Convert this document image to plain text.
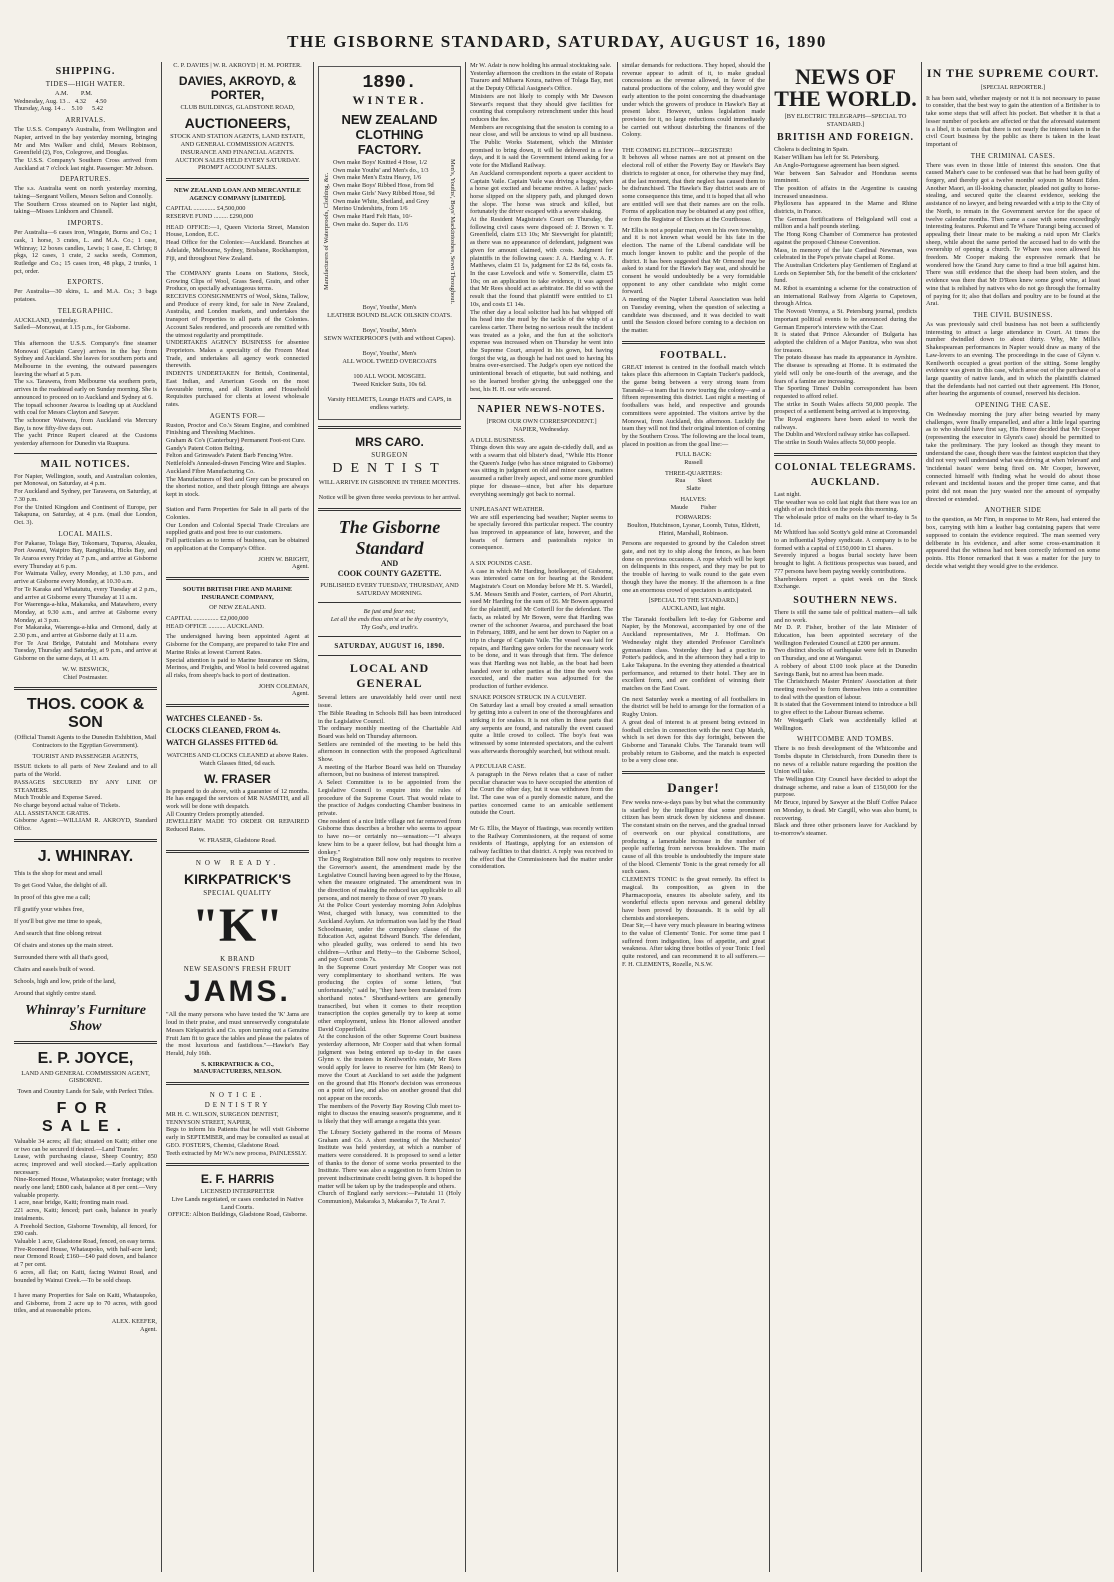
THE GISBORNE STANDARD, SATURDAY, AUGUST 16, 1890
SHIPPING.
TIDES—HIGH WATER.

A.M.        P.M.
Wednesday, Aug. 13 ..   4.32      4.50
Thursday, Aug. 14 ..    5.10      5.42

ARRIVALS.

The U.S.S. Company's Australia, from Wellington and Napier, arrived in the bay yesterday morning, bringing Mr and Mrs Walker and child, Messrs Robinson, Greenfield (2), Fox, Colegrove, and Douglas.
The U.S.S. Company's Southern Cross arrived from Auckland at 7 o'clock last night. Passenger: Mr Jobson.

DEPARTURES.

The s.s. Australia went on north yesterday morning, taking—Sergeant Vollers, Messrs Selton and Connolly.
The Southern Cross steamed on to Napier last night, taking—Misses Linkhorn and Chisnell.

IMPORTS.

Per Australia—6 cases iron, Wingate, Burns and Co.; 1 cask, 1 horse, 3 crates, L. and M.A. Co.; 1 case, Whinray; 12 boxes candles, Lewis; 1 case, E. Chrisp; 8 pkgs, 12 cases, 1 crate, 2 sacks seeds, Common, Rutledge and Co.; 15 cases iron, 48 pkgs, 2 trunks, 1 pct, order.

EXPORTS.

Per Australia—30 skins, L. and M.A. Co.; 3 bags potatoes.

TELEGRAPHIC.

AUCKLAND, yesterday.
Sailed—Monowai, at 1.15 p.m., for Gisborne.

This afternoon the U.S.S. Company's fine steamer Monowai (Captain Carey) arrives in the bay from Sydney and Auckland. She leaves for southern ports and Melbourne in the evening, the outward passengers leaving the wharf at 5 p.m.
The s.s. Tarawera, from Melbourne via southern ports, arrives in the roadstead early on Sunday morning. She is announced to proceed on to Auckland and Sydney at 6.
The topsail schooner Awaroa is loading up at Auckland with coal for Messrs Clayton and Sawyer.
The schooner Waiwera, from Auckland via Mercury Bay, is now fifty-five days out.
The yacht Prince Rupert cleared at the Customs yesterday afternoon for Dunedin via Ruapura.

MAIL NOTICES.

For Napier, Wellington, south, and Australian colonies, per Monowai, on Saturday, at 4 p.m.
For Auckland and Sydney, per Tarawera, on Saturday, at 7.30 p.m.
For the United Kingdom and Continent of Europe, per Takapuna, on Saturday, at 4 p.m. (mail due London, Oct. 3).

LOCAL MAILS.

For Pakarae, Tolaga Bay, Tokomaru, Tuparoa, Akuaku, Port Awanui, Waipiro Bay, Rangitukia, Hicks Bay, and Te Araroa every Friday at 7 p.m., and arrive at Gisborne every Thursday at 6 p.m.
For Waimata Valley, every Monday, at 1.30 p.m., and arrive at Gisborne every Monday, at 10.30 a.m.
For Te Karaka and Whatatutu, every Tuesday at 2 p.m., and arrive at Gisborne every Thursday at 11 a.m.
For Waerenga-a-hika, Makaraka, and Matawhero, every Monday, at 9.30 a.m., and arrive at Gisborne every Monday, at 3 p.m.
For Makaraka, Waerenga-a-hika and Ormond, daily at 2.30 p.m., and arrive at Gisborne daily at 11 a.m.
For Te Arai Bridge, Patutahi and Motuhara every Tuesday, Thursday and Saturday, at 9 p.m., and arrive at Gisborne on the same days, at 11 a.m.

W. W. BESWICK,
Chief Postmaster.

THOS. COOK & SON

(Official Transit Agents to the Dunedin Exhibition, Mail Contractors to the Egyptian Government).

TOURIST AND PASSENGER AGENTS,

ISSUE tickets to all parts of New Zealand and to all parts of the World.
PASSAGES SECURED BY ANY LINE OF STEAMERS.
Much Trouble and Expense Saved.
No charge beyond actual value of Tickets.
ALL ASSISTANCE GRATIS.
Gisborne Agent:—WILLIAM R. AKROYD, Standard Office.

J. WHINRAY.

This is the shop for meat and small
To get Good Value, the delight of all.
In proof of this give me a call;
I'll gratify your wishes free,
If you'll but give me time to speak,
And search that fine oblong retreat
Of chairs and stones up the main street.
Surrounded there with all that's good,
Chairs and easels built of wood.
Schools, high and low, pride of the land,
Around that sightly centre stand.

Whinray's Furniture Show
E. P. JOYCE,

LAND AND GENERAL COMMISSION AGENT,
GISBORNE.

Town and Country Lands for Sale, with Perfect Titles.

FOR SALE.

Valuable 34 acres; all flat; situated on Kaiti; either one or two can be secured if desired.—Land Transfer.
Lease, with purchasing clause, Sheep Country; 850 acres; improved and well stocked.—Early application necessary.
Nine-Roomed House, Whataupoko; water frontage; with nearly one land; £800 cash, balance at 8 per cent.—Very valuable property.
1 acre, near bridge, Kaiti; fronting main road.
221 acres, Kaiti; fenced; part cash, balance in yearly instalments.
A Freehold Section, Gisborne Township, all fenced, for £90 cash.
Valuable 1 acre, Gladstone Road, fenced, on easy terms.
Five-Roomed House, Whataupoko, with half-acre land; near Ormond Road; £160—£40 paid down, and balance at 7 per cent.
6 acres, all flat; on Kaiti, facing Wainui Road, and bounded by Wainui Creek.—To be sold cheap.

I have many Properties for Sale on Kaiti, Whataupoko, and Gisborne, from 2 acre up to 70 acres, with good titles, and at reasonable prices.

ALEX. KEEFER,
Agent.

C. P. DAVIES | W. R. AKROYD | H. M. PORTER.

DAVIES, AKROYD, & PORTER,

CLUB BUILDINGS, GLADSTONE ROAD,

AUCTIONEERS,

STOCK AND STATION AGENTS, LAND ESTATE, AND GENERAL COMMISSION AGENTS.
INSURANCE AND FINANCIAL AGENTS.
AUCTION SALES HELD EVERY SATURDAY.
PROMPT ACCOUNT SALES.

NEW ZEALAND LOAN AND MERCANTILE AGENCY COMPANY [LIMITED].

CAPITAL .............. £4,500,000
RESERVE FUND ......... £290,000

HEAD OFFICE:—1, Queen Victoria Street, Mansion House, London, E.C.
Head Office for the Colonies:—Auckland. Branches at Adelaide, Melbourne, Sydney, Brisbane, Rockhampton, Fiji, and throughout New Zealand.

The COMPANY grants Loans on Stations, Stock, Growing Clips of Wool, Grass Seed, Grain, and other Produce, on specially advantageous terms.
RECEIVES CONSIGNMENTS of Wool, Skins, Tallow, and Produce of every kind, for sale in New Zealand, Australia, and London markets, and undertakes the transport of Properties to all parts of the Colonies. Account Sales rendered, and proceeds are remitted with the utmost regularity and promptitude.
UNDERTAKES AGENCY BUSINESS for absentee Proprietors. Makes a speciality of the Frozen Meat Trade, and undertakes all agency work connected therewith.
INDENTS UNDERTAKEN for British, Continental, East Indian, and American Goods on the most favourable terms, and all Station and Household Requisites purchased for clients at lowest wholesale rates.

AGENTS FOR—

Ruston, Proctor and Co.'s Steam Engine, and combined Finishing and Threshing Machines.
Graham & Co's (Canterbury) Permanent Foot-rot Cure.
Gandy's Patent Cotton Belting.
Felton and Grimwade's Patent Barb Fencing Wire.
Nettlefold's Annealed-drawn Fencing Wire and Staples.
Auckland Fibre Manufacturing Co.
The Manufacturers of Red and Grey can be procured on the shortest notice, and their plough fittings are always kept in stock.

Station and Farm Properties for Sale in all parts of the Colonies.
Our London and Colonial Special Trade Circulars are supplied gratis and post free to our customers.
Full particulars as to terms of business, can be obtained on application at the Company's Office.

JOHN W. BRIGHT,
Agent.

SOUTH BRITISH FIRE AND MARINE INSURANCE COMPANY,

OF NEW ZEALAND.

CAPITAL ................ £2,000,000
HEAD OFFICE ........... AUCKLAND.

The undersigned having been appointed Agent at Gisborne for the Company, are prepared to take Fire and Marine Risks at lowest Current Rates.
Special attention is paid to Marine Insurance on Skins, Merinos, and Freights, and Wool is held covered against all risks, from sheep's back to port of destination.

JOHN COLEMAN,
Agent.

WATCHES CLEANED - 5s.
CLOCKS CLEANED, FROM 4s.
WATCH GLASSES FITTED 6d.

WATCHES AND CLOCKS CLEANED at above Rates. Watch Glasses fitted, 6d each.

W. FRASER

Is prepared to do above, with a guarantee of 12 months. He has engaged the services of MR NASMITH, and all work will be done with despatch.
All Country Orders promptly attended.
JEWELLERY MADE TO ORDER OR REPAIRED Reduced Rates.

W. FRASER, Gladstone Road.

NOW READY.
KIRKPATRICK'S
SPECIAL QUALITY
"K"
K BRAND
NEW SEASON'S FRESH FRUIT
JAMS.

"All the many persons who have tested the 'K' Jams are loud in their praise, and must unreservedly congratulate Messrs Kirkpatrick and Co. upon turning out a Genuine Fruit Jam fit to grace the tables and please the palates of the most luxurious and fastidious."—Hawke's Bay Herald, July 16th.

S. KIRKPATRICK & CO.,
MANUFACTURERS, NELSON.

NOTICE.
DENTISTRY

MR H. C. WILSON, SURGEON DENTIST,
TENNYSON STREET, NAPIER,
Begs to inform his Patients that he will visit Gisborne early in SEPTEMBER, and may be consulted as usual at GEO. FOSTER'S, Chemist, Gladstone Road.
Teeth extracted by Mr W.'s new process, PAINLESSLY.

E. F. HARRIS

LICENSED INTERPRETER
Live Lands negotiated, or cases conducted in Native Land Courts.
OFFICE: Albion Buildings, Gladstone Road, Gisborne.

1890.
WINTER.
NEW ZEALAND CLOTHING FACTORY.
Manufacturers of Waterproofs, Clothing, &c.

Own make Boys' Knitted 4 Hose, 1/2
Own make Youths' and Men's do., 1/3
Own make Men's Extra Heavy, 1/6
Own make Boys' Ribbed Hose, from 9d
Own make Girls' Navy Ribbed Hose, 9d
Own make White, Shetland, and Grey Merino Undershirts, from 1/6
Own make Hard Felt Hats, 10/-
Own make do. Super do. 11/6	Men's, Youths', Boys' Mackintoshes, Sewn Throughout.

Boys', Youths', Men's
LEATHER BOUND BLACK OILSKIN COATS.

Boys', Youths', Men's
SEWN WATERPROOFS (with and without Capes).

Boys', Youths', Men's
ALL WOOL TWEED OVERCOATS

100 ALL WOOL MOSGIEL
Tweed Knicker Suits, 10s 6d.

Varsity HELMETS, Lounge HATS and CAPS, in endless variety.

MRS CARO.
SURGEON
DENTIST

WILL ARRIVE IN GISBORNE IN THREE MONTHS.

Notice will be given three weeks previous to her arrival.

The Gisborne Standard

AND
COOK COUNTY GAZETTE.

PUBLISHED EVERY TUESDAY, THURSDAY, AND SATURDAY MORNING.

Be just and fear not;
Let all the ends thou aim'st at be thy country's,
Thy God's, and truth's.

SATURDAY, AUGUST 16, 1890.
LOCAL AND GENERAL

Several letters are unavoidably held over until next issue.
The Bible Reading in Schools Bill has been introduced in the Legislative Council.
The ordinary monthly meeting of the Charitable Aid Board was held on Thursday afternoon.
Settlers are reminded of the meeting to be held this afternoon in connection with the proposed Agricultural Show.
A meeting of the Harbor Board was held on Thursday afternoon, but no business of interest transpired.
A Select Committee is to be appointed from the Legislative Council to enquire into the rules of procedure of the Supreme Court. That would relate to the practice of Judges conducting Chamber business in private.
One resident of a nice little village not far removed from Gisborne thus describes a brother who seems to appear to have no—or certainly no—sensation:—"I always knew him to be a queer fellow, but had thought him a donkey."
The Dog Registration Bill now only requires to receive the Governor's assent, the amendment made by the Legislative Council having been agreed to by the House, when the measure originated. The amendment was in the direction of making the reduced tax applicable to all persons, and not merely to those of over 70 years.
At the Police Court yesterday morning John Adolphus West, charged with lunacy, was committed to the Auckland Asylum. An information was laid by the Head Schoolmaster, under the compulsory clause of the Education Act, against Edward Bunch. The defendant, who pleaded guilty, was ordered to send his two children—Arthur and Hetty—to the Gisborne School, and pay Court costs 7s.
In the Supreme Court yesterday Mr Cooper was not very complimentary to shorthand writers. He was producing the copies of some letters, "but unfortunately," said he, "they have been translated from shorthand notes." Shorthand-writers are generally transcribed, but when it comes to their reception transcription the copies generally try to keep at some other employment, unless his Honor allowed another David Copperfield.
At the conclusion of the other Supreme Court business yesterday afternoon, Mr Cooper said that when formal judgment was being entered up to-day in the cases Glynn v. the trustees in Kenilworth's estate, Mr Rees would apply for leave to reserve for him (Mr Rees) to move the Court at Auckland to set aside the judgment on the ground that His Honor's decision was erroneous on a point of law, and also on another ground that did not appear on the records.
The members of the Poverty Bay Rowing Club meet to-night to discuss the ensuing season's programme, and it is likely that they will arrange a regatta this year.

The Library Society gathered in the rooms of Messrs Graham and Co. A short meeting of the Mechanics' Institute was held yesterday, at which a number of matters were considered. It is proposed to send a letter of thanks to the donor of some works presented to the Institute. There was also a suggestion to form Union to prevent indiscriminate credit being given. It is hoped the matter will be taken up by the tradespeople and others.
Church of England early services:—Patutahi 11 (Holy Communion), Makaraka 3, Makaraka 7, Te Arai 7.

Mr W. Adair is now holding his annual stocktaking sale.
Yesterday afternoon the creditors in the estate of Ropata Tuararo and Mihaera Koura, natives of Tolaga Bay, met at the Deputy Official Assignee's Office.
Ministers are not likely to comply with Mr Dawson Stewart's request that they should give facilities for counting that compulsory retrenchment under this head reduces the fee.
Members are recognising that the session is coming to a near close, and will be anxious to wind up all business. The Public Works Statement, which the Minister promised to bring down, it will be delivered in a few days, and it is said the Government intend asking for a vote for the Midland Railway.
An Auckland correspondent reports a queer accident to Captain Vaile. Captain Vaile was driving a buggy, when a horse got excited and became restive. A ladies' pack-horse slipped on the slippery path, and plunged down the slope. The horse was struck and killed, but fortunately the driver escaped with a severe shaking.
At the Resident Magistrate's Court on Thursday, the following civil cases were disposed of: J. Brown v. T. Greenfield, claim £13 10s; Mr Sievwright for plaintiff; as there was no appearance of defendant, judgment was given for amount claimed, with costs. Judgment for plaintiffs in the following cases: J. A. Harding v. A. F. Matthews, claim £1 1s, judgment for £2 8s 6d, costs 6s. In the case Lovelock and wife v. Somerville, claim £5 10s; on an application to take evidence, it was agreed that Mr Rees should act as arbitrator. He did so with the result that the found that plaintiff were entitled to £1 10s, and costs £1 14s.
The other day a local solicitor had his hat whipped off his head into the mud by the tackle of the whip of a careless carter. There being no serious result the incident was treated as a joke, and the fun at the solicitor's expense was increased when on Thursday he went into the Supreme Court, arrayed in his gown, but having forgot the wig, as though he had not used to having his brains over-exercised. The Judge's open eye noticed the unintentional breach of etiquette, but said nothing, and so the learned brother giving the unbeggged one the best, his H. H. our wife secured.

NAPIER NEWS-NOTES.

[FROM OUR OWN CORRESPONDENT.]
NAPIER, Wednesday.

A DULL BUSINESS.
Things down this way are again de-cidedly dull, and as with a swarm that old blister's dead, "While His Honor the Queen's Judge (who has since migrated to Gisborne) was sitting in judgment on old and minor cases, matters assumed a rather lively aspect, and some more grumbled pique for disease—since, but after his departure everything seemingly got back to normal.

UNPLEASANT WEATHER.
We are still experiencing bad weather; Napier seems to be specially favored this particular respect. The country has improved in appearance of late, however, and the hearts of farmers and pastoralists rejoice in consequence.

A SIX POUNDS CASE.
A case in which Mr Harding, hotelkeeper, of Gisborne, was interested came on for hearing at the Resident Magistrate's Court on Monday before Mr H. S. Wardell, S.M. Messrs Smith and Foster, carriers, of Port Ahuriri, sued Mr Harding for the sum of £6. Mr Bowen appeared for the plaintiff, and Mr Cotterill for the defendant. The facts, as related by Mr Bowen, were that Harding was owner of the schooner Awaroa, and purchased the boat in February, 1889, and he sent her down to Napier on a trip in charge of Captain Vaile. The vessel was laid for repairs, and Harding gave orders for the necessary work to be done, and it was through that firm. The defence was that Harding was not liable, as the boat had been handed over to other parties at the time the work was executed, and the matter was adjourned for the production of further evidence.

SNAKE POISON STRUCK IN A CULVERT.
On Saturday last a small boy created a small sensation by getting into a culvert in one of the thoroughfares and striking it for snakes. It is not often in these parts that any serpents are found, and naturally the event caused quite a little crowd to collect. The boy's feat was witnessed by some interested spectators, and the culvert was afterwards thoroughly searched, but without result.

A PECULIAR CASE.
A paragraph in the News relates that a case of rather peculiar character was to have occupied the attention of the Court the other day, but it was withdrawn from the list. The case was of a purely domestic nature, and the parties concerned came to an amicable settlement outside the Court.

Mr G. Ellis, the Mayor of Hastings, was recently written to the Railway Commissioners, at the request of some residents of Hastings, applying for an extension of railway facilities to that district. A reply was received to the effect that the Commissioners had the matter under consideration.

similar demands for reductions. They hoped, should the revenue appear to admit of it, to make gradual concessions as the revenue allowed, in favor of the natural productions of the colony, and they would give early attention to the point concerning the disadvantage under which the growers of produce in Hawke's Bay at present labor. However, unless legislation made provision for it, no large reductions could immediately be carried out without disturbing the finances of the Colony.

THE COMING ELECTION—REGISTER!
It behoves all whose names are not at present on the electoral roll of either the Poverty Bay or Hawke's Bay districts to register at once, for otherwise they may find, at the last moment, that their neglect has caused them to be disfranchised. The Hawke's Bay district seats are of some consequence this time, and it is hoped that all who are entitled will see that their names are on the rolls. Forms of application may be obtained at any post office, or from the Registrar of Electors at the Courthouse.

Mr Ellis is not a popular man, even in his own township, and it is not known what would be his fate in the election. The name of the Liberal candidate will be much longer known to public and the people of the district. It has been suggested that Mr Ormond may be asked to stand for the Hawke's Bay seat, and should he consent he would undoubtedly be a very formidable opponent to any other candidate who might come forward.
A meeting of the Napier Liberal Association was held on Tuesday evening, when the question of selecting a candidate was discussed, and it was decided to wait until the Session closed before coming to a decision on the matter.

FOOTBALL.

GREAT interest is centred in the football match which takes place this afternoon in Captain Tucker's paddock, the game being between a very strong team from Taranaki—a team that is now touring the colony—and a fifteen representing this district. Last night a meeting of footballers was held, and respective and grounds committees were appointed. The visitors arrive by the Monowai, from Auckland, this afternoon. Luckily the team they will not find their original intention of coming by the Southern Cross. The following are the local team, placed in position as from the goal line:—

FULL BACK:
Russell

THREE-QUARTERS:
Rua        Skeet
Slatte

HALVES:
Maude        Fisher

FORWARDS:
Boulton, Hutchinson, Lysnar, Loomb, Tutus, Eldrett, Hirini, Marshall, Robinson.

Persons are requested to ground by the Caledon street gate, and not try to ship along the fences, as has been done on previous occasions. A rope which will be kept on delinquents in this respect, and they may be put to the trouble of having to walk round to the gate even though they have the money. If the afternoon is a fine one an enormous crowd of spectators is anticipated.

[SPECIAL TO THE STANDARD.]
AUCKLAND, last night.

The Taranaki footballers left to-day for Gisborne and Napier, by the Monowai, accompanied by one of the Auckland representatives, Mr J. Hoffman. On Wednesday night they attended Professor Caroline's gymnasium class. Yesterday they had a practice in Potter's paddock, and in the afternoon they had a trip to Lake Takapuna. In the evening they attended a theatrical performance, and returned to their hotel. They are in excellent form, and are confident of winning their matches on the East Coast.

On next Saturday week a meeting of all footballers in the district will be held to arrange for the formation of a Rugby Union.
A great deal of interest is at present being evinced in football circles in connection with the next Cup Match, which is set down for this day fortnight, between the Gisborne and Taranaki Clubs. The Taranaki team will probably return to Gisborne, and the match is expected to be a very close one.

Danger!

Few weeks now-a-days pass by but what the community is startled by the intelligence that some prominent citizen has been struck down by sickness and disease. The constant strain on the nerves, and the gradual inroad of overwork on our physical constitutions, are producing a lamentable increase in the number of people suffering from nervous breakdown. The main cause of all this trouble is undoubtedly the impure state of the blood. Clements' Tonic is the great remedy for all such cases.
CLEMENTS TONIC is the great remedy. Its effect is magical. Its composition, as given in the Pharmacopoeia, ensures its absolute safety, and its wonderful effects upon nervous and general debility have been proved by thousands. It is sold by all chemists and storekeepers.
Dear Sir,—I have very much pleasure in bearing witness to the value of Clements' Tonic. For some time past I suffered from indigestion, loss of appetite, and great weakness. After taking three bottles of your Tonic I feel quite restored, and can recommend it to all sufferers.—F. H. CLEMENTS, Rozelle, N.S.W.

NEWS OF THE WORLD.

[BY ELECTRIC TELEGRAPH—SPECIAL TO STANDARD.]

BRITISH AND FOREIGN.

Cholera is declining in Spain.
Kaiser William has left for St. Petersburg.
An Anglo-Portuguese agreement has been signed.
War between San Salvador and Honduras seems imminent.
The position of affairs in the Argentine is causing increased uneasiness.
Phylloxera has appeared in the Marne and Rhine districts, in France.
The German fortifications of Heligoland will cost a million and a half pounds sterling.
The Hong Kong Chamber of Commerce has protested against the proposed Chinese Convention.
Mass, in memory of the late Cardinal Newman, was celebrated in the Pope's private chapel at Rome.
The Australian Cricketers play Gentlemen of England at Lords on September 5th, for the benefit of the cricketers' fund.
M. Ribot is examining a scheme for the construction of an international Railway from Algeria to Capetown, through Africa.
The Novosti Vremya, a St. Petersburg journal, predicts important political events to be announced during the German Emperor's interview with the Czar.
It is stated that Prince Alexander of Bulgaria has adopted the children of a Major Panitza, who was shot for treason.
The potato disease has made its appearance in Ayrshire. The disease is spreading at Home. It is estimated the yield will only be one-fourth of the average, and the fears of a famine are increasing.
The Sporting Times' Dublin correspondent has been requested to afford relief.
The strike in South Wales affects 50,000 people. The prospect of a settlement being arrived at is improving.
The Royal engineers have been asked to work the railways.
The Dublin and Wexford railway strike has collapsed.
The strike in South Wales affects 50,000 people.

COLONIAL TELEGRAMS.
AUCKLAND.

Last night.
The weather was so cold last night that there was ice an eighth of an inch thick on the pools this morning.
The wholesale price of malts on the wharf to-day is 5s 1d.
Mr Whitford has sold Scotty's gold mine at Coromandel to an influential Sydney syndicate. A company is to be formed with a capital of £150,000 in £1 shares.
Severely injured a bogus burial society have been brought to light. A fictitious prospectus was issued, and 777 persons have been paying weekly contributions.
Sharebrokers report a quiet week on the Stock Exchange.

SOUTHERN NEWS.

There is still the same tale of political matters—all talk and no work.
Mr D. P. Fisher, brother of the late Minister of Education, has been appointed secretary of the Wellington Federated Council at £200 per annum.
Two distinct shocks of earthquake were felt in Dunedin on Thursday, and one at Wanganui.
A robbery of about £100 took place at the Dunedin Savings Bank, but no arrest has been made.
The Christchurch Master Printers' Association at their meeting resolved to form themselves into a committee to deal with the question of labour.
It is stated that the Government intend to introduce a bill to give effect to the Labour Bureau scheme.
Mr Westgarth Clark was accidentally killed at Wellington.

WHITCOMBE AND TOMBS.

There is no fresh development of the Whitcombe and Tombs dispute in Christchurch, from Dunedin there is no news of a reliable nature regarding the position the Union will take.
The Wellington City Council have decided to adopt the drainage scheme, and raise a loan of £150,000 for the purpose.
Mr Bruce, injured by Sawyer at the Bluff Coffee Palace on Monday, is dead. Mr Cargill, who was also burnt, is recovering.
Black and three other prisoners leave for Auckland by to-morrow's steamer.

IN THE SUPREME COURT.

[SPECIAL REPORTER.]

It has been said, whether majesty or not it is not necessary to pause to consider, that the best way to gain the attention of a Britisher is to take some steps that will affect his pocket. But whether it is that a lesser number of pockets are affected or that the aforesaid statement is a libel, it is certain that there is not nearly the interest taken in the civil Court business by the public as there is taken in the least important of

THE CRIMINAL CASES.

There was even in those little of interest this session. One that caused Maher's case to be confessed was that he had been guilty of forgery, and thereby got a twelve months' sojourn in Mount Eden. Another Maori, an ill-looking character, pleaded not guilty to horse-stealing, and secured quite the clearest evidence, seeking the assistance of no lawyer, and being rewarded with a trip to the City of the North, to remain in the Government service for the space of twelve calendar months. Then came a case with some exceedingly interesting features. Pukenui and Te Whare Turangi being accused of appealing their linear mate to be making a raid upon Mr Clark's sheep, while about the same period the accused had to do with the ownership of opening a church. Te Whare was soon allowed his freedom. Mr Cooper making the expressive remark that he wondered how the Grand Jury came to find a true bill against him. There was still evidence that the sheep had been stolen, and the evidence was there that Mr D'Rees knew some good wine, at least wine that is relished by natives who do not go through the formality of paying for it; also that dollars and poultry are to be found at the Arai.

THE CIVIL BUSINESS.

As was previously said civil business has not been a sufficiently interesting to attract a large attendance in Court. At times the number dwindled down to about thirty. Why, Mr Mills's Shakespearean performances in Napier would draw as many of the Law-lovers to an evening. The proceedings in the case of Glynn v. Kenilworth occupied a great portion of the sitting. Some lengthy evidence was given in this case, which arose out of the purchase of a large quantity of native lands, and in which the plaintiffs claimed that the defendants had not carried out their agreement. His Honor, after hearing the arguments of counsel, reserved his decision.

OPENING THE CASE.

On Wednesday morning the jury after being wearied by many challenges, were finally empanelled, and after a little legal sparring as to who should have first say, His Honor decided that Mr Cooper (representing the executor in Glynn's case) should be permitted to take the preliminary. The jury looked as though they meant to understand the case, though there was the faintest suspicion that they did not very well understand what was driving at when 'relevant' and 'incidental issues' were being fired on. Mr Cooper, however, connected himself with finding what he would do about those relevant and incidental issues and the proper time came, and that point did not mean the jury wasted nor the amount of sympathy directed or extended.

ANOTHER SIDE

to the question, as Mr Finn, in response to Mr Rees, had entered the box, carrying with him a leather bag containing papers that were supposed to contain the evidence required. The man seemed very deliberate in his evidence, and after some cross-examination it appeared that the witness had not been correctly informed on some points. His Honor remarked that it was a matter for the jury to decide what weight they would give to the evidence.
